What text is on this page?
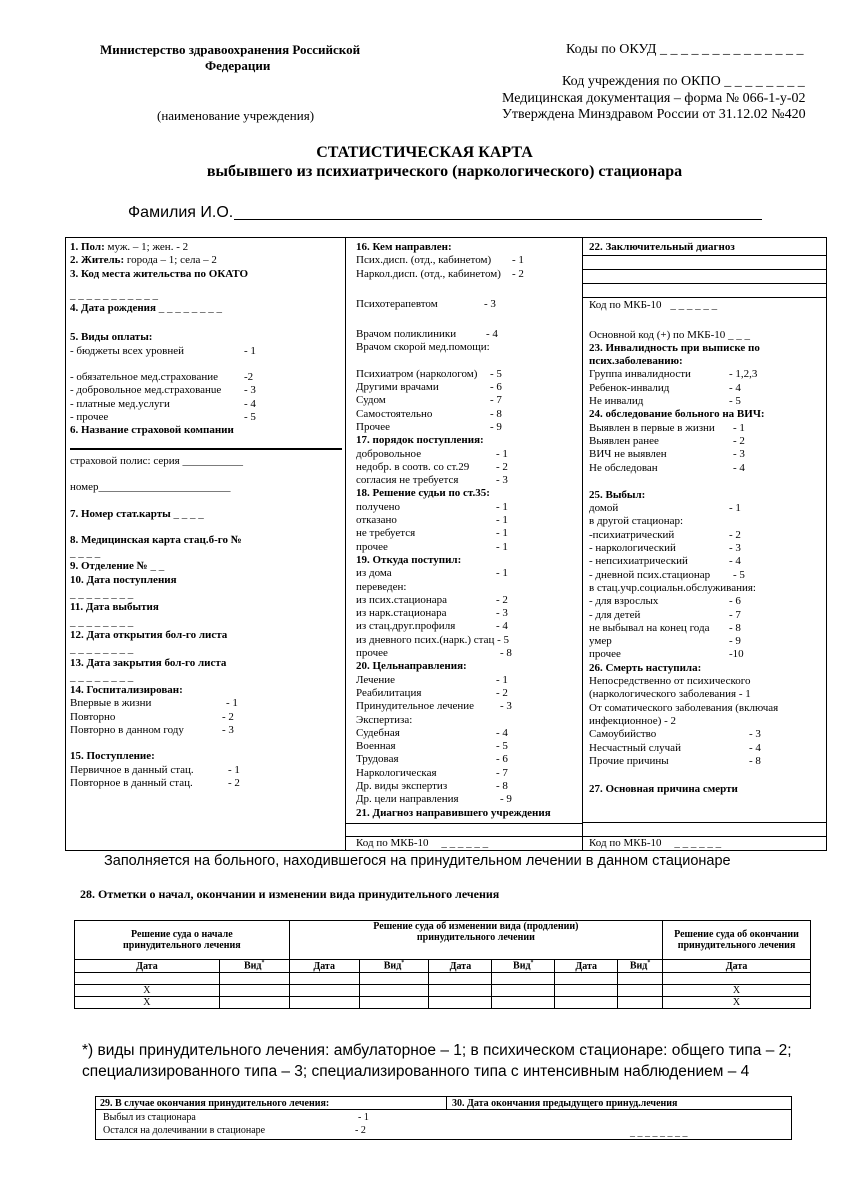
Министерство здравоохранения Российской
Федерации
(наименование учреждения)
Коды по ОКУД _ _ _ _ _ _ _ _ _ _ _ _ _ _
Код учреждения по ОКПО _ _ _ _ _ _ _ _
Медицинская документация – форма № 066-1-у-02
Утверждена Минздравом России от 31.12.02 №420
СТАТИСТИЧЕСКАЯ КАРТА
выбывшего из психиатрического (наркологического) стационара
Фамилия И.О.
1. Пол: муж. – 1; жен. - 2
2. Житель: города – 1; села – 2
3. Код места жительства по ОКАТО
_ _ _ _ _ _ _ _ _ _ _
4. Дата рождения _ _ _ _ _ _ _ _
5. Виды оплаты:
- бюджеты всех уровней	- 1
- обязательное мед.страхование -2
- добровольное мед.страхованuе - 3
- платные мед.услуги	- 4
- прочее	- 5
6. Название страховой компании
страховой полис: серия ___________
номер________________________
7. Номер стат.карты _ _ _ _
8. Медицинская карта стац.б-го №
_ _ _ _
9. Отделение № _ _
10. Дата поступления
_ _ _ _ _ _ _ _
11. Дата выбытия
_ _ _ _ _ _ _ _
12. Дата открытия бол-го листа
_ _ _ _ _ _ _ _
13. Дата закрытия бол-го листа
_ _ _ _ _ _ _ _
14. Госпитализирован:
Впервые в жизни	- 1
Повторно	- 2
Повторно в данном году	- 3
15. Поступление:
Первичное в данный стац.	- 1
Повторное в данный стац.	- 2
16. Кем направлен:
Псих.дисп. (отд., кабинетом) - 1
Наркол.дисп. (отд., кабинетом) - 2
Психотерапевтом	- 3
Врачом поликлиники	- 4
Врачом скорой мед.помощи:
Психиатром (наркологом) - 5
Другими врачами	- 6
Судом	- 7
Самостоятельно	- 8
Прочее	- 9
17. порядок поступления:
добровольное	- 1
недобр. в соотв. со ст.29 - 2
согласия не требуется	- 3
18. Решение судьи по ст.35:
получено	- 1
отказано	- 1
не требуется	- 1
прочее	- 1
19. Откуда поступил:
из дома	- 1
переведен:
из псих.стационара	- 2
из нарк.стационара	- 3
из стац.друг.профиля	- 4
из дневного псих.(нарк.) стац - 5
прочее	- 8
20. Цельнаправления:
Лечение	- 1
Реабилитация	- 2
Принудительное лечение - 3
Экспертиза:
Судебная	- 4
Военная	- 5
Трудовая	- 6
Наркологическая	- 7
Др. виды экспертиз	- 8
Др. цели направления	- 9
21. Диагноз направившего учреждения
Код по МКБ-10 _ _ _ _ _ _
22. Заключительный диагноз
Код по МКБ-10 _ _ _ _ _ _
Основной код (+) по МКБ-10 _ _ _
23. Инвалидность при выписке по
псих.заболеванию:
Группа инвалидности	- 1,2,3
Ребенок-инвалид	- 4
Не инвалид	- 5
24. обследование больного на ВИЧ:
Выявлен в первые в жизни - 1
Выявлен ранее	- 2
ВИЧ не выявлен	- 3
Не обследован	- 4
25. Выбыл:
домой	- 1
в другой стационар:
-психиатрический	- 2
- наркологический	- 3
- непсихиатрический	- 4
- дневной псих.стационар - 5
в стац.учр.социальн.обслуживания:
- для взрослых	- 6
- для детей	- 7
не выбывал на конец года - 8
умер	- 9
прочее	-10
26. Смерть наступила:
Непосредственно от психического
(наркологического заболевания - 1
От соматического заболевания (включая
инфекционное) - 2
Самоубийство	- 3
Несчастный случай	- 4
Прочие причины	- 8
27. Основная причина смерти
Код по МКБ-10 _ _ _ _ _ _
Заполняется на больного, находившегося на принудительном лечении в данном стационаре
28. Отметки о начал, окончании и изменении вида принудительного лечения
Решение суда о начале принудительного лечения		Решение суда об изменении вида (продлении) принудительного лечении						Решение суда об окончании принудительного лечения
Дата	Вид*	Дата	Вид*	Дата	Вид*	Дата	Вид*	Дата

X								X
X								X
*) виды принудительного лечения: амбулаторное – 1; в психическом стационаре: общего типа – 2; специализированного типа – 3; специализированного типа с интенсивным наблюдением – 4
29. В случае окончания принудительного лечения:	30. Дата окончания предыдущего принуд.лечения
Выбыл из стационара	- 1
Остался на долечивании в стационаре	- 2	_ _ _ _ _ _ _ _
